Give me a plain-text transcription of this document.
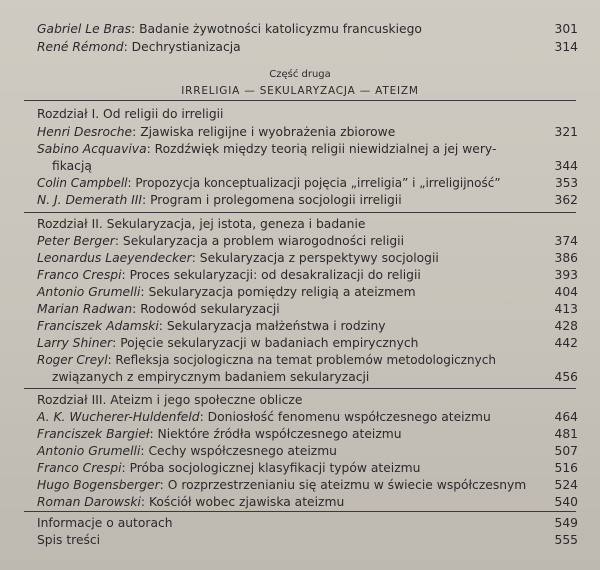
Gabriel Le Bras: Badanie żywotności katolicyzmu francuskiego	301
René Rémond: Dechrystianizacja	314
Część druga
IRRELIGIA — SEKULARYZACJA — ATEIZM
Rozdział I. Od religii do irreligii
Henri Desroche: Zjawiska religijne i wyobrażenia zbiorowe	321
Sabino Acquaviva: Rozdźwięk między teorią religii niewidzialnej a jej wery-
fikacją	344
Colin Campbell: Propozycja konceptualizacji pojęcia „irreligia” i „irreligijność”	353
N. J. Demerath III: Program i prolegomena socjologii irreligii	362
Rozdział II. Sekularyzacja, jej istota, geneza i badanie
Peter Berger: Sekularyzacja a problem wiarogodności religii	374
Leonardus Laeyendecker: Sekularyzacja z perspektywy socjologii	386
Franco Crespi: Proces sekularyzacji: od desakralizacji do religii	393
Antonio Grumelli: Sekularyzacja pomiędzy religią a ateizmem	404
Marian Radwan: Rodowód sekularyzacji	413
Franciszek Adamski: Sekularyzacja małżeństwa i rodziny	428
Larry Shiner: Pojęcie sekularyzacji w badaniach empirycznych	442
Roger Creyl: Refleksja socjologiczna na temat problemów metodologicznych
związanych z empirycznym badaniem sekularyzacji	456
Rozdział III. Ateizm i jego społeczne oblicze
A. K. Wucherer-Huldenfeld: Doniosłość fenomenu współczesnego ateizmu	464
Franciszek Bargieł: Niektóre źródła współczesnego ateizmu	481
Antonio Grumelli: Cechy współczesnego ateizmu	507
Franco Crespi: Próba socjologicznej klasyfikacji typów ateizmu	516
Hugo Bogensberger: O rozprzestrzenianiu się ateizmu w świecie współczesnym 524
Roman Darowski: Kościół wobec zjawiska ateizmu	540
Informacje o autorach	549
Spis treści	555
